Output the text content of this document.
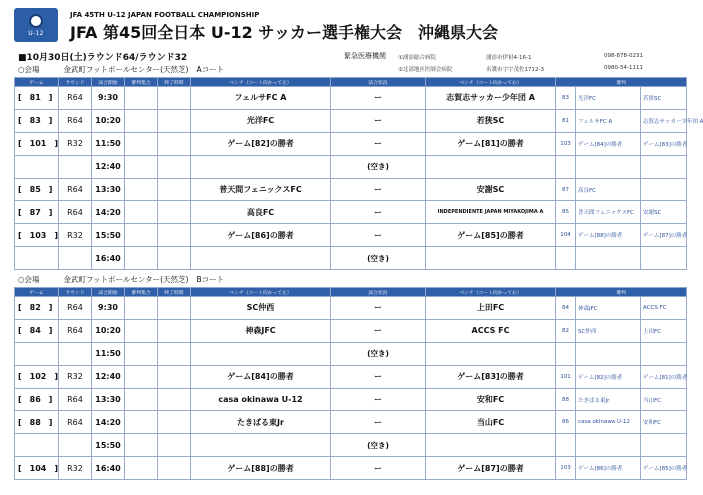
U-12
JFA 45TH U-12 JAPAN FOOTBALL CHAMPIONSHIP
JFA 第45回全日本 U-12 サッカー選手権大会　沖縄県大会
■10月30日(土)ラウンド64/ラウンド32	緊急医療機関 ①浦添総合病院	浦添市伊祖4-16-1	098-878-0231
②北部地区医師会病院	名護市字宇茂佐1712-3	0980-54-1111
○会場	金武町フットボールセンター(天然芝) Aコート
ゲーム	ラウンド	試合開始	審判集合	終了時間	ベンチ（コート向かって左）	試合状況	ベンチ（コート向かって右）	審判		
[　81　]	R64	9:30			フェルサFC A	ー	志賀志サッカー少年団 A	83	光洋FC	若狭SC
[　83　]	R64	10:20			光洋FC	ー	若狭SC	81	フェルサFC A	志賀志サッカー少年団 A
[　101　]	R32	11:50			ゲーム[82]の勝者	ー	ゲーム[81]の勝者	103	ゲーム[84]の勝者	ゲーム[83]の勝者
		12:40				(空き)				
[　85　]	R64	13:30			普天間フェニックスFC	ー	安謝SC	87	高良FC	
[　87　]	R64	14:20			高良FC	ー	INDEPENDIENTE JAPAN MIYAKOJIMA A	85	普天間フェニックスFC	安謝SC
[　103　]	R32	15:50			ゲーム[86]の勝者	ー	ゲーム[85]の勝者	104	ゲーム[88]の勝者	ゲーム[87]の勝者
		16:40				(空き)				
○会場	金武町フットボールセンター(天然芝) Bコート
ゲーム	ラウンド	試合開始	審判集合	終了時間	ベンチ（コート向かって左）	試合状況	ベンチ（コート向かって右）	審判		
[　82　]	R64	9:30			SC仲西	ー	上田FC	84	神森JFC	ACCS FC
[　84　]	R64	10:20			神森JFC	ー	ACCS FC	82	SC仲西	上田FC
		11:50				(空き)				
[　102　]	R32	12:40			ゲーム[84]の勝者	ー	ゲーム[83]の勝者	101	ゲーム[82]の勝者	ゲーム[81]の勝者
[　86　]	R64	13:30			casa okinawa U-12	ー	安和FC	88	たきばる東Jr	当山FC
[　88　]	R64	14:20			たきばる東Jr	ー	当山FC	86	casa okinawa U-12	安和FC
		15:50				(空き)				
[　104　]	R32	16:40			ゲーム[88]の勝者	ー	ゲーム[87]の勝者	103	ゲーム[86]の勝者	ゲーム[85]の勝者
